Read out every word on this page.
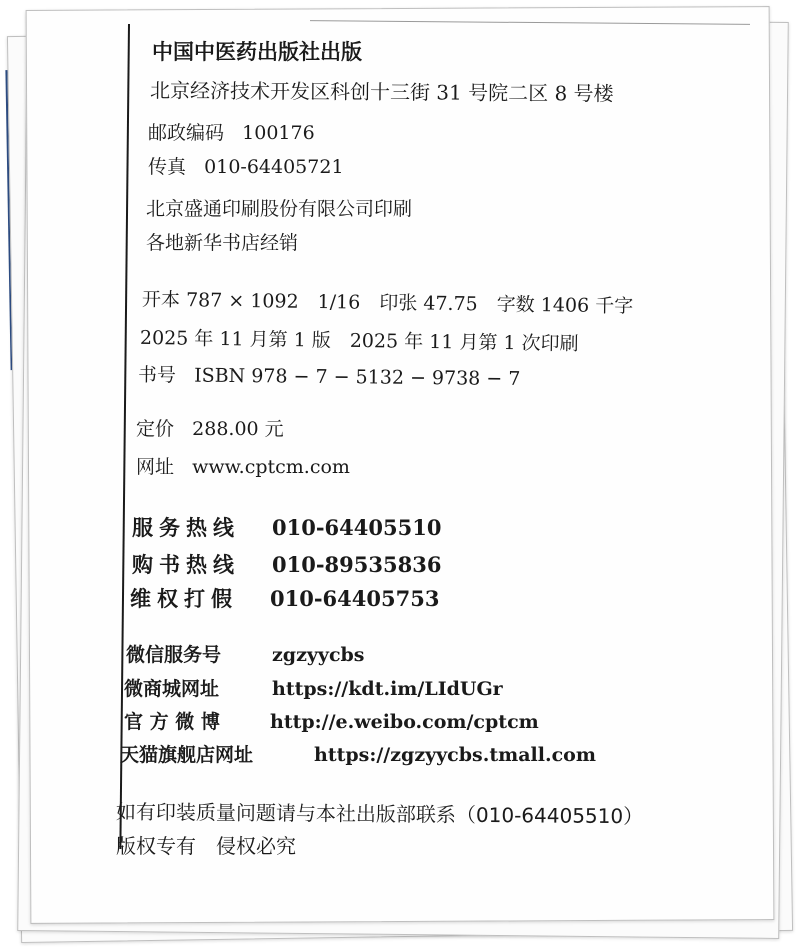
中国中医药出版社出版
北京经济技术开发区科创十三街 31 号院二区 8 号楼
邮政编码 100176
传真 010-64405721
北京盛通印刷股份有限公司印刷
各地新华书店经销
开本 787 × 1092　1/16　印张 47.75　字数 1406 千字
2025 年 11 月第 1 版　2025 年 11 月第 1 次印刷
书号 ISBN 978 − 7 − 5132 − 9738 − 7
定价 288.00 元
网址 www.cptcm.com
服务热线 010-64405510
购书热线 010-89535836
维权打假 010-64405753
微信服务号	zgzyycbs
微商城网址	https://kdt.im/LIdUGr
官 方 微 博	http://e.weibo.com/cptcm
天猫旗舰店网址	https://zgzyycbs.tmall.com
如有印装质量问题请与本社出版部联系（010-64405510）
版权专有　侵权必究
